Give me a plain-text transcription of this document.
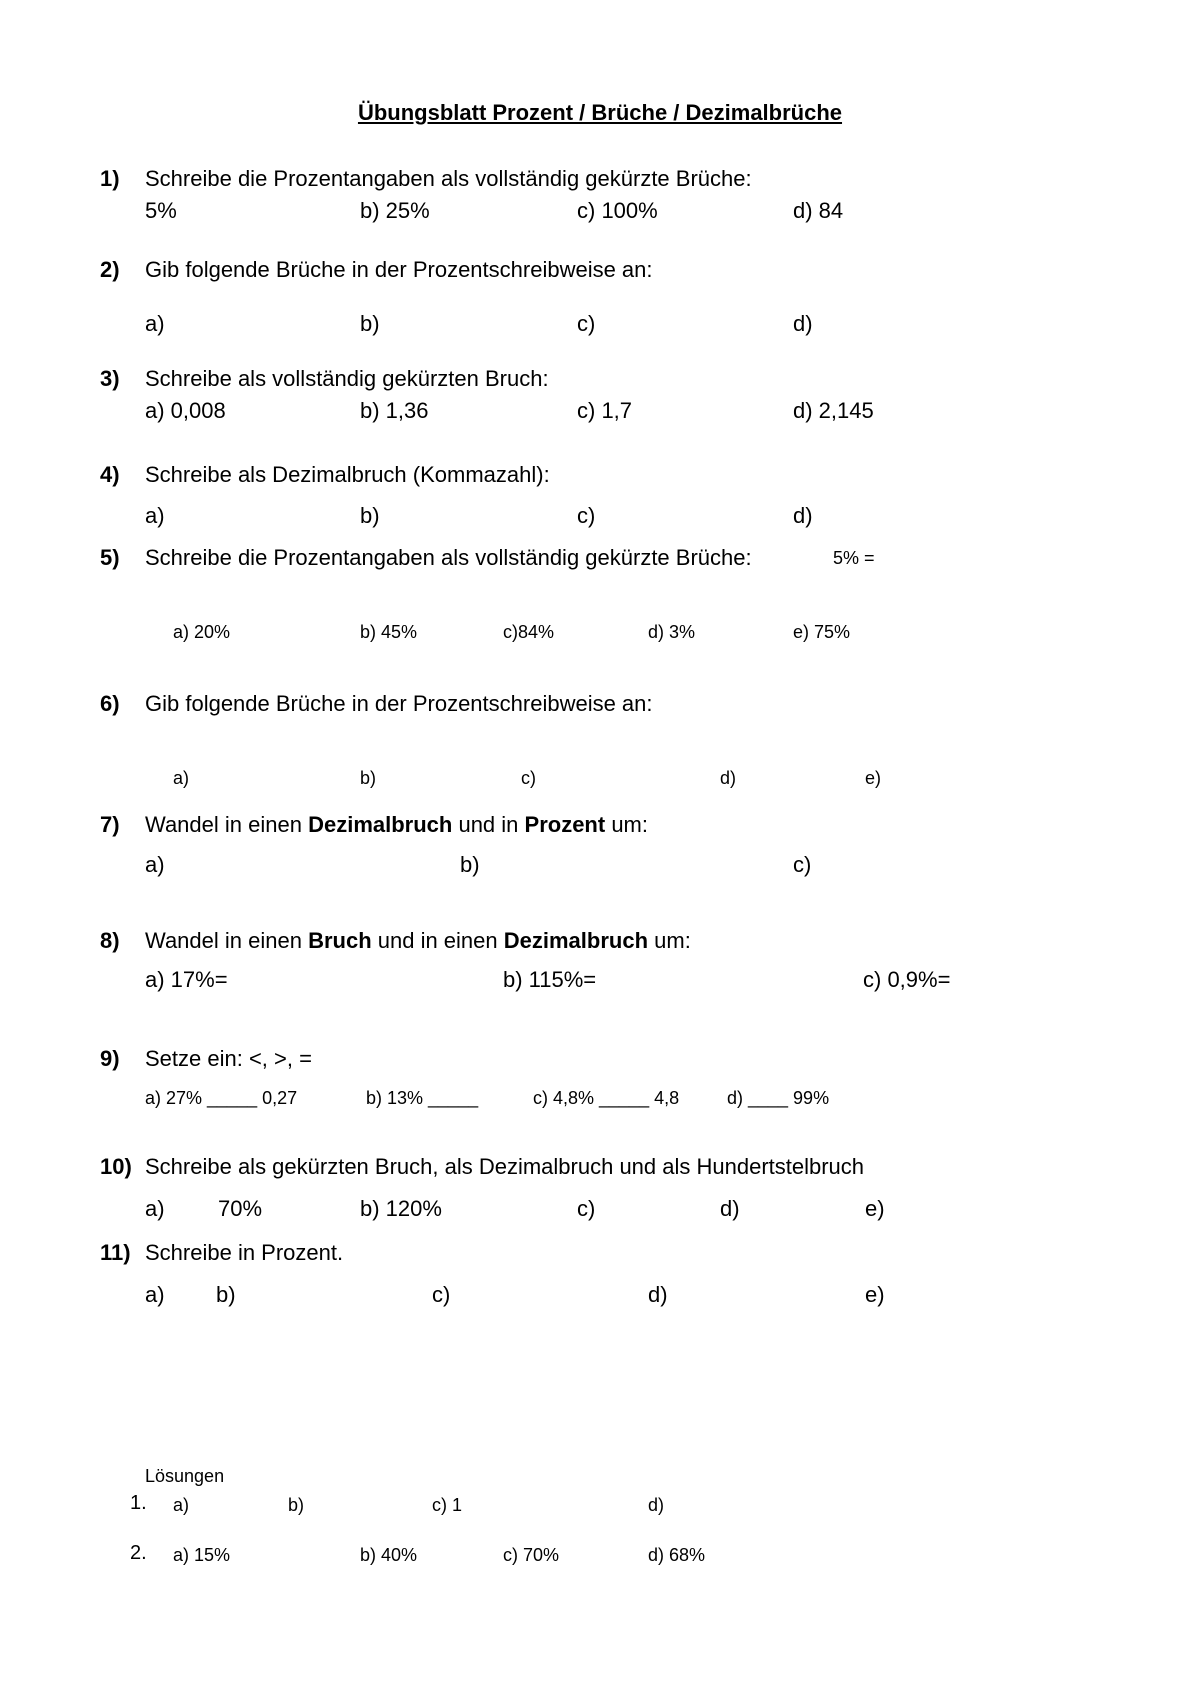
Übungsblatt Prozent / Brüche / Dezimalbrüche
1) Schreibe die Prozentangaben als vollständig gekürzte Brüche:
5%	b) 25%	c) 100%	d) 84
2) Gib folgende Brüche in der Prozentschreibweise an:
a)	b)	c)	d)
3) Schreibe als vollständig gekürzten Bruch:
a) 0,008	b) 1,36	c) 1,7	d) 2,145
4) Schreibe als Dezimalbruch (Kommazahl):
a)	b)	c)	d)
5) Schreibe die Prozentangaben als vollständig gekürzte Brüche:	5% =
a) 20%	b) 45%	c)84%	d) 3%	e) 75%
6) Gib folgende Brüche in der Prozentschreibweise an:
a)	b)	c)	d)	e)
7) Wandel in einen Dezimalbruch und in Prozent um:
a)	b)	c)
8) Wandel in einen Bruch und in einen Dezimalbruch um:
a) 17%=	b) 115%=	c) 0,9%=
9) Setze ein: <, >, =
a) 27% _____ 0,27	b) 13% _____	c) 4,8% _____ 4,8	d) ____ 99%
10) Schreibe als gekürzten Bruch, als Dezimalbruch und als Hundertstelbruch
a) 70%	b) 120%	c)	d)	e)
11) Schreibe in Prozent.
a) b)	c)	d)	e)
Lösungen
1. a)	b)	c) 1	d)
2. a) 15%	b) 40%	c) 70%	d) 68%
